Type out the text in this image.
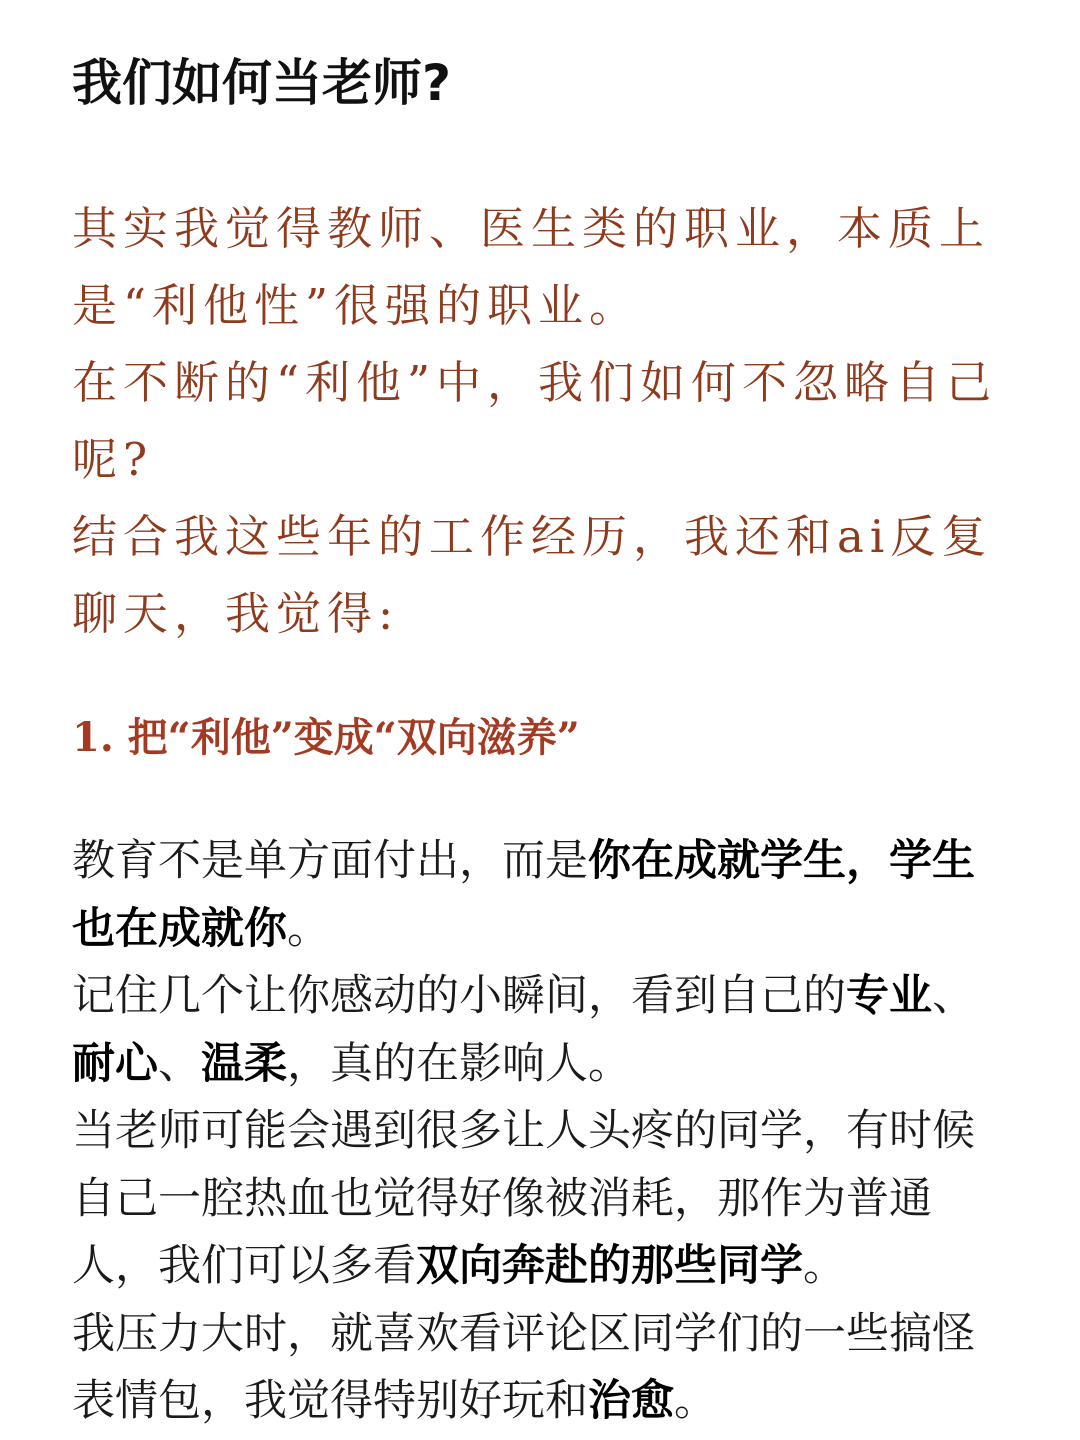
我们如何当老师?

其实我觉得教师、医生类的职业，本质上是“利他性”很强的职业。

在不断的“利他”中，我们如何不忽略自己呢?

结合我这些年的工作经历，我还和ai反复聊天，我觉得:

1. 把“利他”变成“双向滋养”

教育不是单方面付出，而是你在成就学生，学生也在成就你。

记住几个让你感动的小瞬间，看到自己的专业、耐心、温柔，真的在影响人。

当老师可能会遇到很多让人头疼的同学，有时候自己一腔热血也觉得好像被消耗，那作为普通人，我们可以多看双向奔赴的那些同学。

我压力大时，就喜欢看评论区同学们的一些搞怪表情包，我觉得特别好玩和治愈。
